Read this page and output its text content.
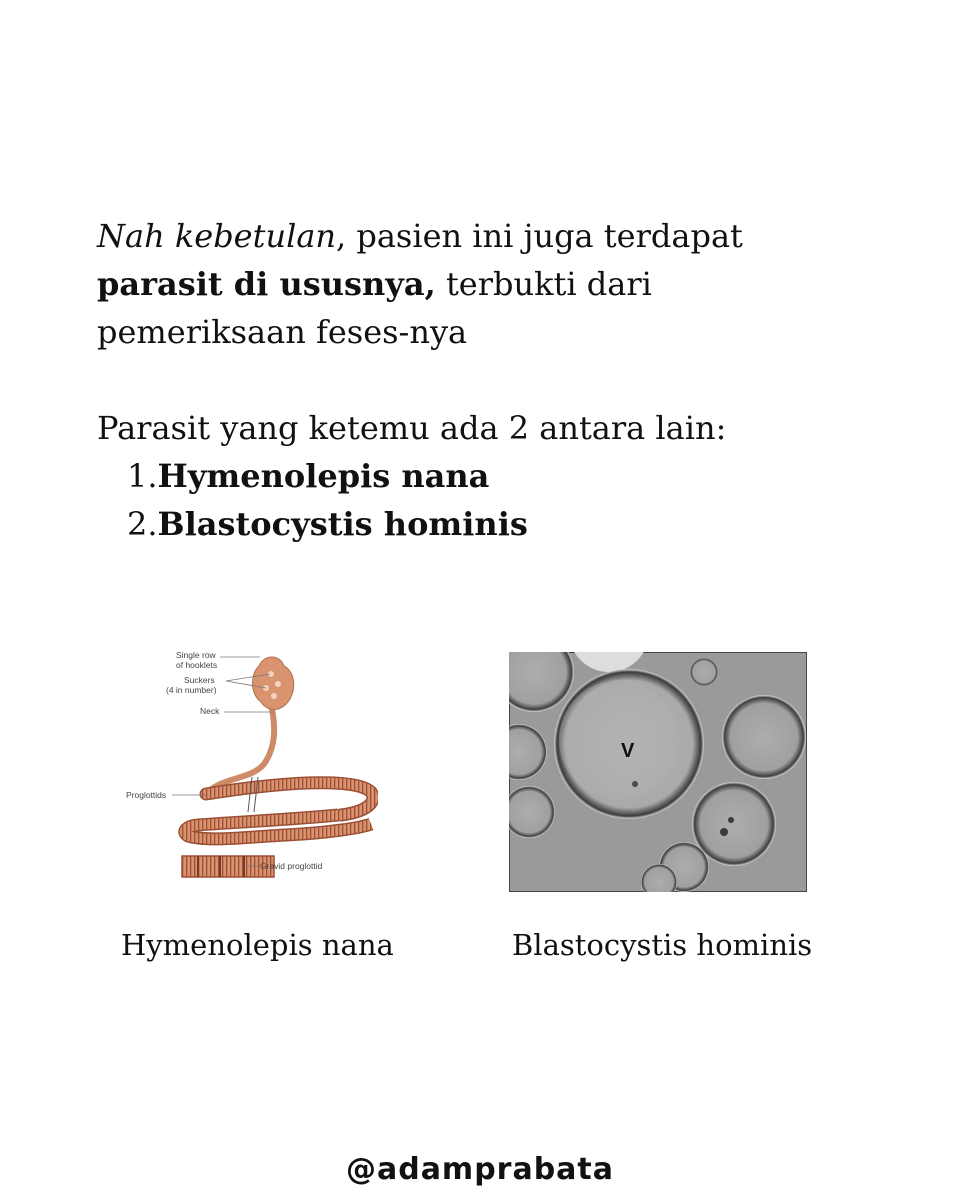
Nah kebetulan, pasien ini juga terdapat

parasit di ususnya, terbukti dari

pemeriksaan feses-nya

Parasit yang ketemu ada 2 antara lain:

1. Hymenolepis nana
2. Blastocystis hominis
Single row
of hooklets
Suckers
(4 in number)
Neck
Proglottids
Gravid proglottid
V
Hymenolepis nana	Blastocystis hominis
@adamprabata
